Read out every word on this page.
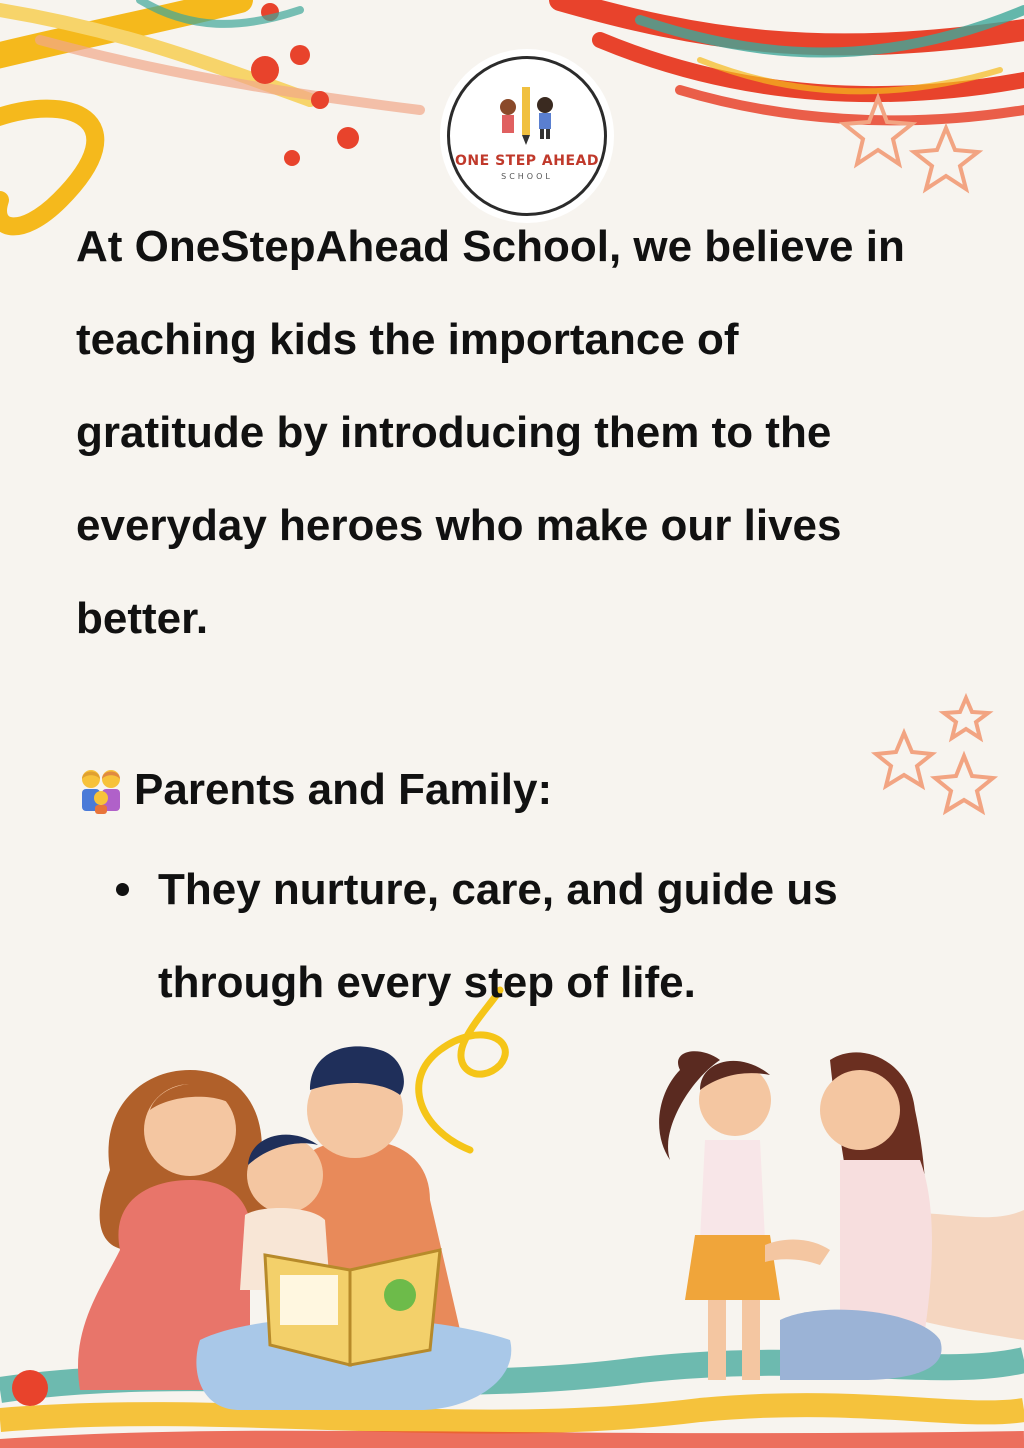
ONE STEP AHEAD
SCHOOL

At OneStepAhead School, we believe in teaching kids the importance of gratitude by introducing them to the everyday heroes who make our lives better.

Parents and Family:
They nurture, care, and guide us through every step of life.
